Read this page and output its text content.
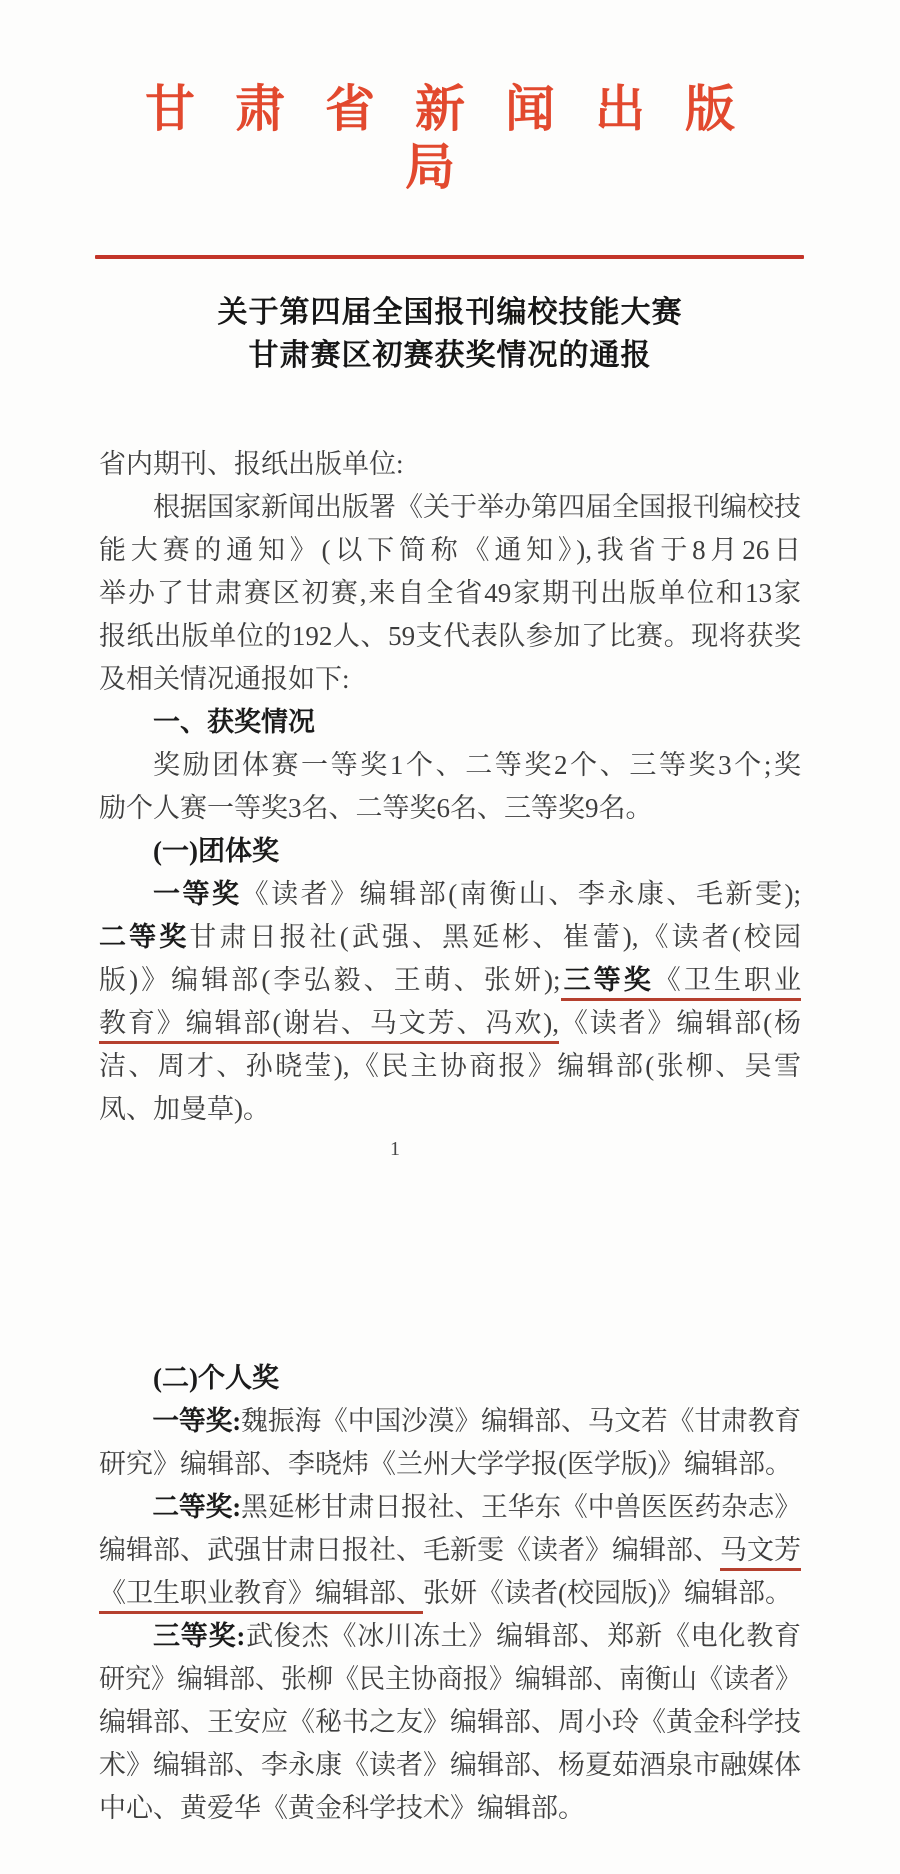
甘肃省新闻出版局
关于第四届全国报刊编校技能大赛
甘肃赛区初赛获奖情况的通报
省内期刊、报纸出版单位:
根据国家新闻出版署《关于举办第四届全国报刊编校技
能大赛的通知》(以下简称《通知》),我省于8月26日
举办了甘肃赛区初赛,来自全省49家期刊出版单位和13家
报纸出版单位的192人、59支代表队参加了比赛。现将获奖
及相关情况通报如下:
一、获奖情况
奖励团体赛一等奖1个、二等奖2个、三等奖3个;奖
励个人赛一等奖3名、二等奖6名、三等奖9名。
(一)团体奖
一等奖《读者》编辑部(南衡山、李永康、毛新雯);
二等奖甘肃日报社(武强、黑延彬、崔蕾),《读者(校园
版)》编辑部(李弘毅、王萌、张妍);三等奖《卫生职业
教育》编辑部(谢岩、马文芳、冯欢),《读者》编辑部(杨
洁、周才、孙晓莹),《民主协商报》编辑部(张柳、吴雪
凤、加曼草)。
1
(二)个人奖
一等奖:魏振海《中国沙漠》编辑部、马文若《甘肃教育
研究》编辑部、李晓炜《兰州大学学报(医学版)》编辑部。
二等奖:黑延彬甘肃日报社、王华东《中兽医医药杂志》
编辑部、武强甘肃日报社、毛新雯《读者》编辑部、马文芳
《卫生职业教育》编辑部、张妍《读者(校园版)》编辑部。
三等奖:武俊杰《冰川冻土》编辑部、郑新《电化教育
研究》编辑部、张柳《民主协商报》编辑部、南衡山《读者》
编辑部、王安应《秘书之友》编辑部、周小玲《黄金科学技
术》编辑部、李永康《读者》编辑部、杨夏茹酒泉市融媒体
中心、黄爱华《黄金科学技术》编辑部。
